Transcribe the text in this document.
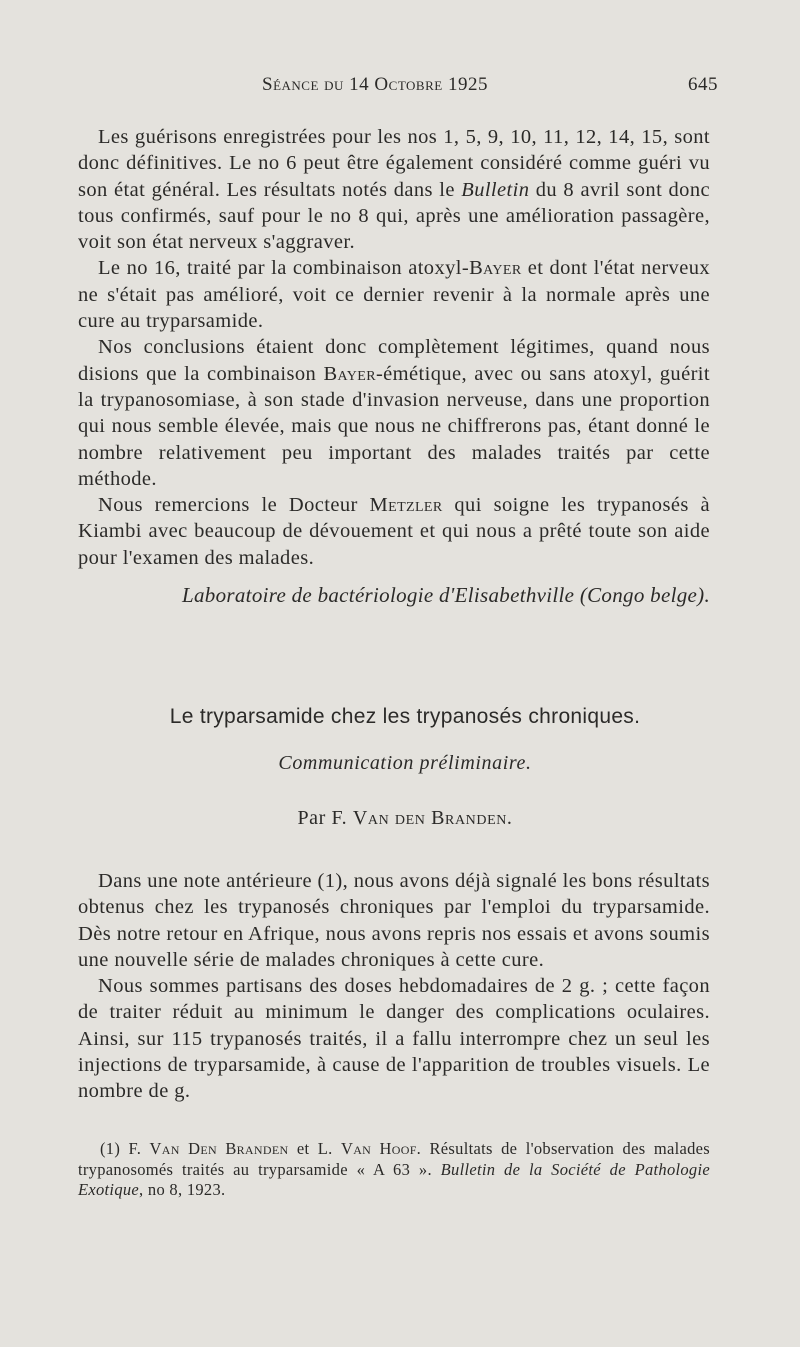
Séance du 14 Octobre 1925	645

Les guérisons enregistrées pour les nos 1, 5, 9, 10, 11, 12, 14, 15, sont donc définitives. Le no 6 peut être également considéré comme guéri vu son état général. Les résultats notés dans le Bulletin du 8 avril sont donc tous confirmés, sauf pour le no 8 qui, après une amélioration passagère, voit son état nerveux s'aggraver.

Le no 16, traité par la combinaison atoxyl-Bayer et dont l'état nerveux ne s'était pas amélioré, voit ce dernier revenir à la normale après une cure au tryparsamide.

Nos conclusions étaient donc complètement légitimes, quand nous disions que la combinaison Bayer-émétique, avec ou sans atoxyl, guérit la trypanosomiase, à son stade d'invasion nerveuse, dans une proportion qui nous semble élevée, mais que nous ne chiffrerons pas, étant donné le nombre relativement peu important des malades traités par cette méthode.

Nous remercions le Docteur Metzler qui soigne les trypanosés à Kiambi avec beaucoup de dévouement et qui nous a prêté toute son aide pour l'examen des malades.

Laboratoire de bactériologie d'Elisabethville (Congo belge).
Le tryparsamide chez les trypanosés chroniques.
Communication préliminaire.
Par F. Van den Branden.

Dans une note antérieure (1), nous avons déjà signalé les bons résultats obtenus chez les trypanosés chroniques par l'emploi du tryparsamide. Dès notre retour en Afrique, nous avons repris nos essais et avons soumis une nouvelle série de malades chroniques à cette cure.

Nous sommes partisans des doses hebdomadaires de 2 g. ; cette façon de traiter réduit au minimum le danger des complications oculaires. Ainsi, sur 115 trypanosés traités, il a fallu interrompre chez un seul les injections de tryparsamide, à cause de l'apparition de troubles visuels. Le nombre de g.

(1) F. Van Den Branden et L. Van Hoof. Résultats de l'observation des malades trypanosomés traités au tryparsamide « A 63 ». Bulletin de la Société de Pathologie Exotique, no 8, 1923.
